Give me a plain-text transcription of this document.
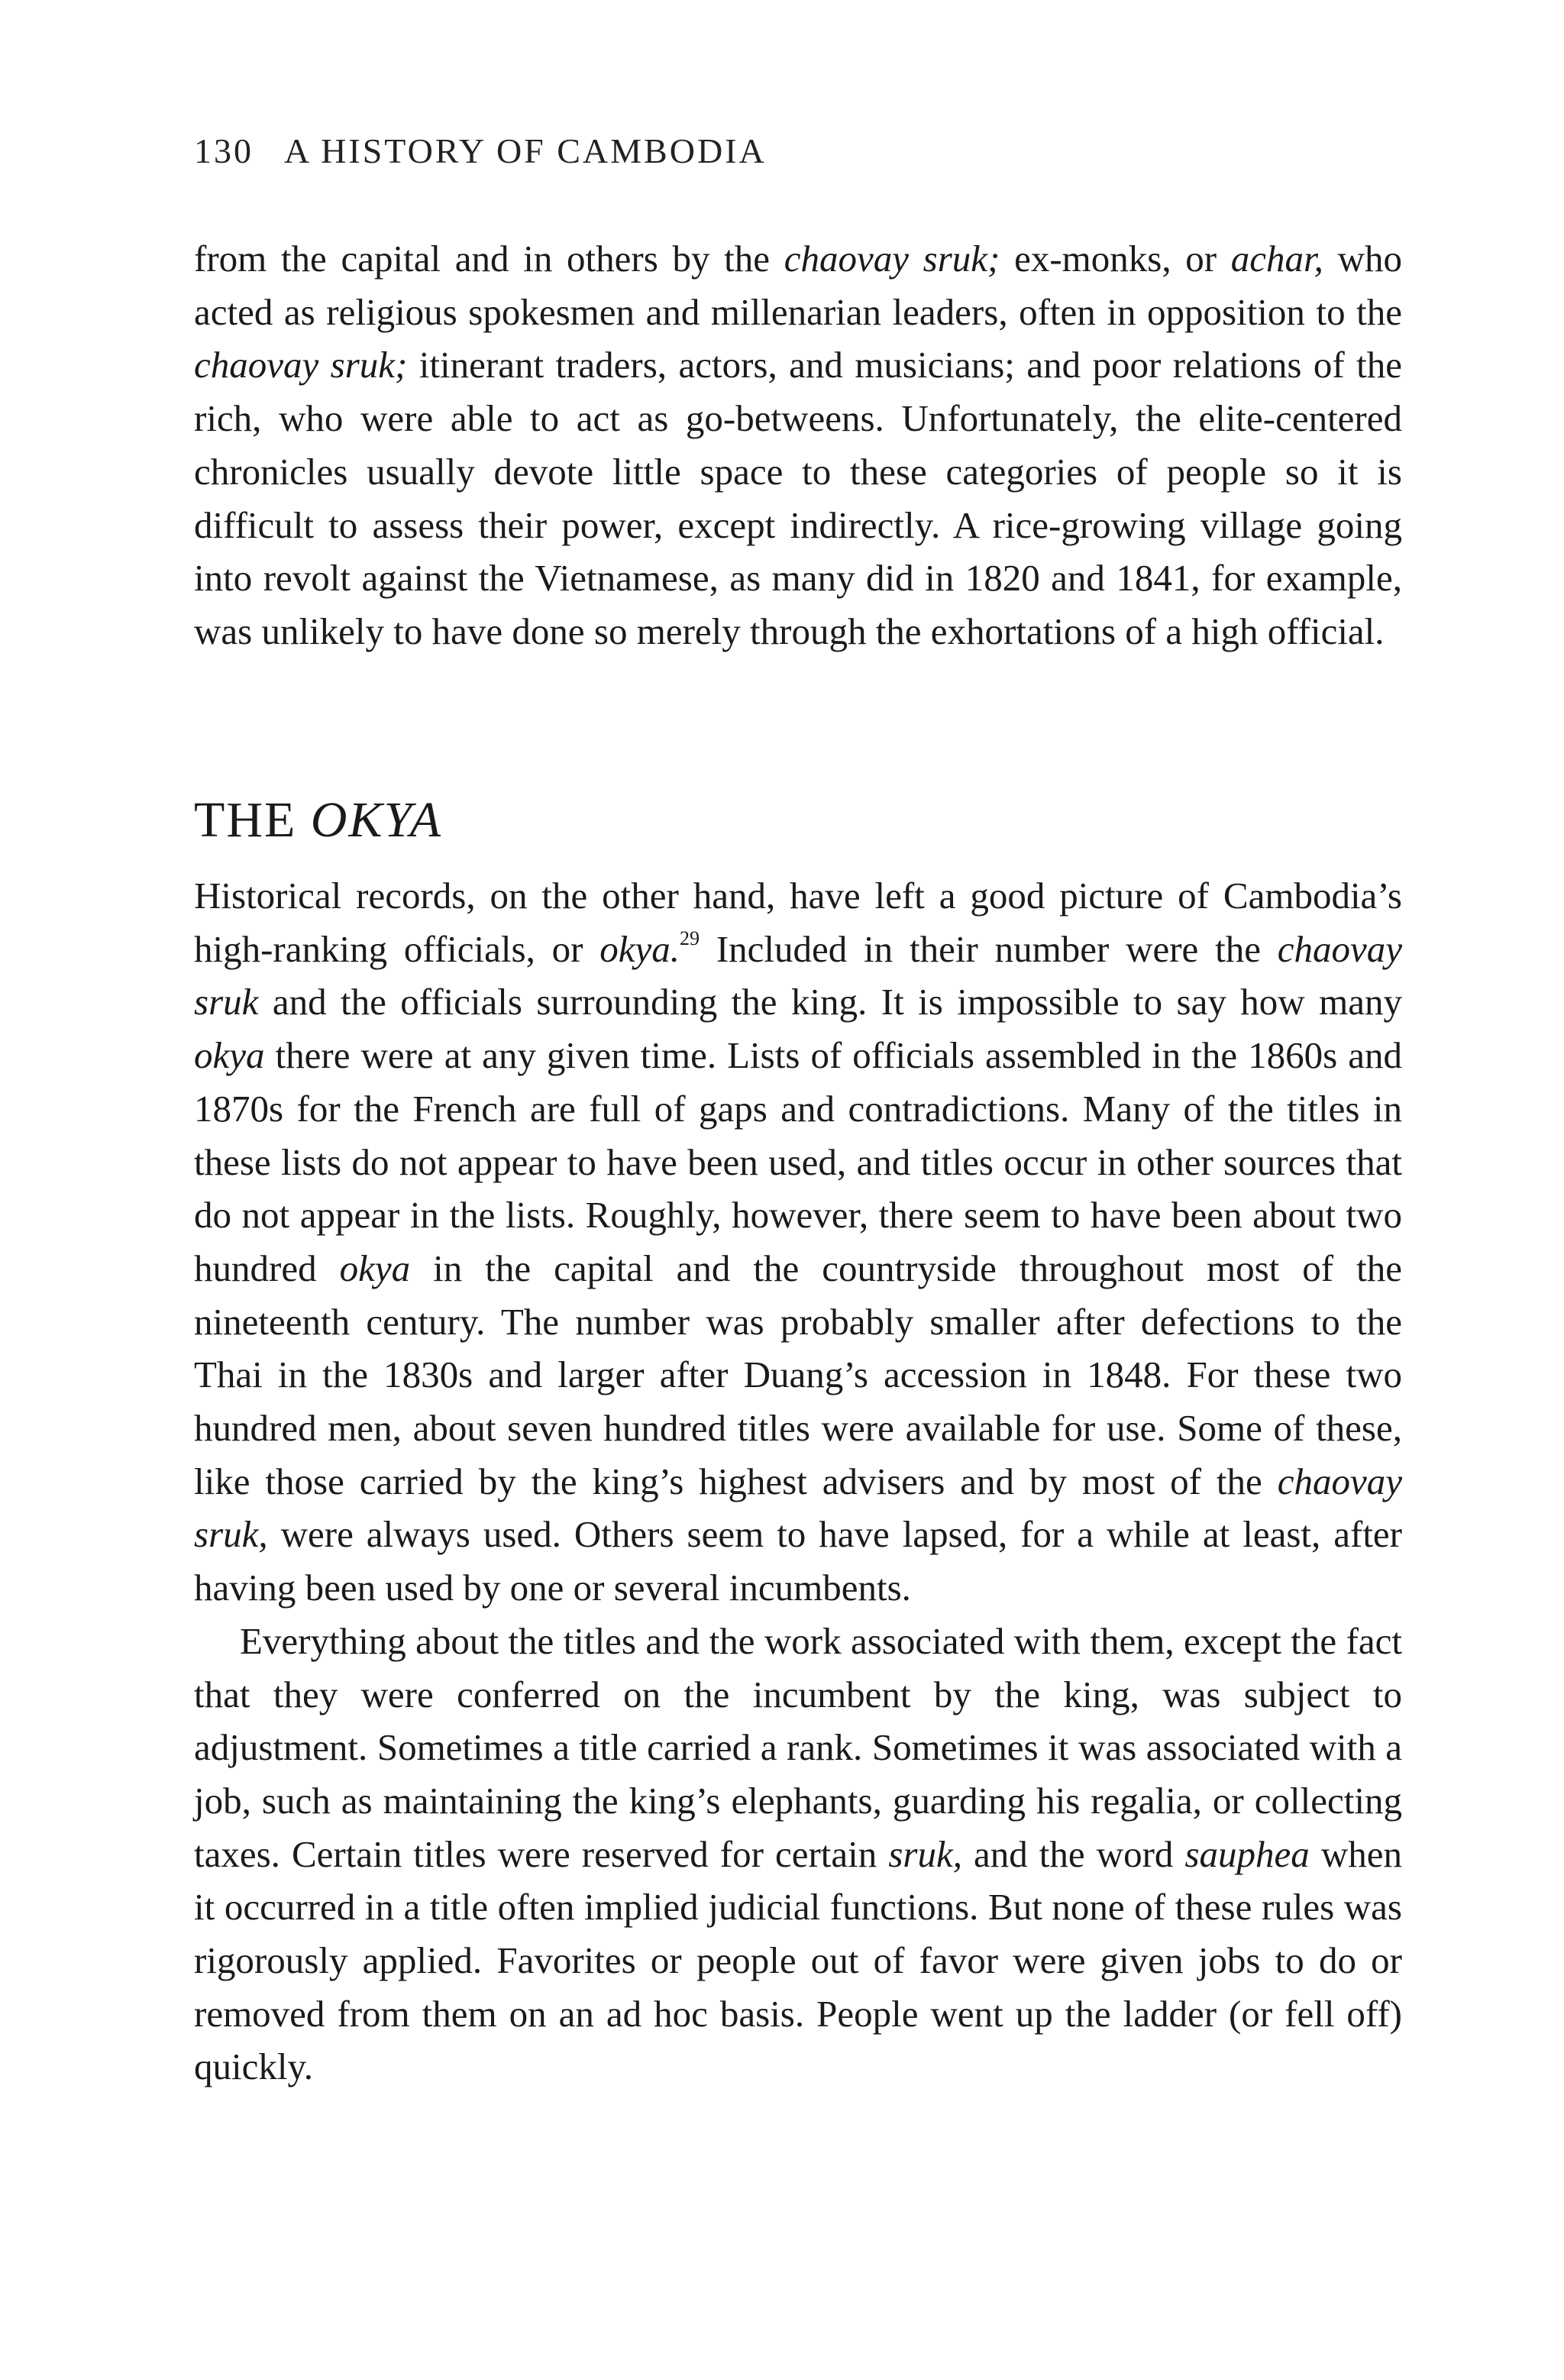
130 A HISTORY OF CAMBODIA

from the capital and in others by the chaovay sruk; ex-monks, or achar, who acted as religious spokesmen and millenarian leaders, often in opposition to the chaovay sruk; itinerant traders, actors, and musicians; and poor relations of the rich, who were able to act as go-betweens. Unfortunately, the elite-centered chronicles usually devote little space to these categories of people so it is difficult to assess their power, except indirectly. A rice-growing village going into revolt against the Vietnamese, as many did in 1820 and 1841, for example, was unlikely to have done so merely through the exhortations of a high official.

THE OKYA

Historical records, on the other hand, have left a good picture of Cambodia’s high-ranking officials, or okya.$^{29}$ Included in their number were the chaovay sruk and the officials surrounding the king. It is impossible to say how many okya there were at any given time. Lists of officials assembled in the 1860s and 1870s for the French are full of gaps and contradictions. Many of the titles in these lists do not appear to have been used, and titles occur in other sources that do not appear in the lists. Roughly, however, there seem to have been about two hundred okya in the capital and the countryside throughout most of the nineteenth century. The number was probably smaller after defections to the Thai in the 1830s and larger after Duang’s accession in 1848. For these two hundred men, about seven hundred titles were available for use. Some of these, like those carried by the king’s highest advisers and by most of the chaovay sruk, were always used. Others seem to have lapsed, for a while at least, after having been used by one or several incumbents.

Everything about the titles and the work associated with them, except the fact that they were conferred on the incumbent by the king, was subject to adjustment. Sometimes a title carried a rank. Sometimes it was associated with a job, such as maintaining the king’s elephants, guarding his regalia, or collecting taxes. Certain titles were reserved for certain sruk, and the word sauphea when it occurred in a title often implied judicial functions. But none of these rules was rigorously applied. Favorites or people out of favor were given jobs to do or removed from them on an ad hoc basis. People went up the ladder (or fell off) quickly.
